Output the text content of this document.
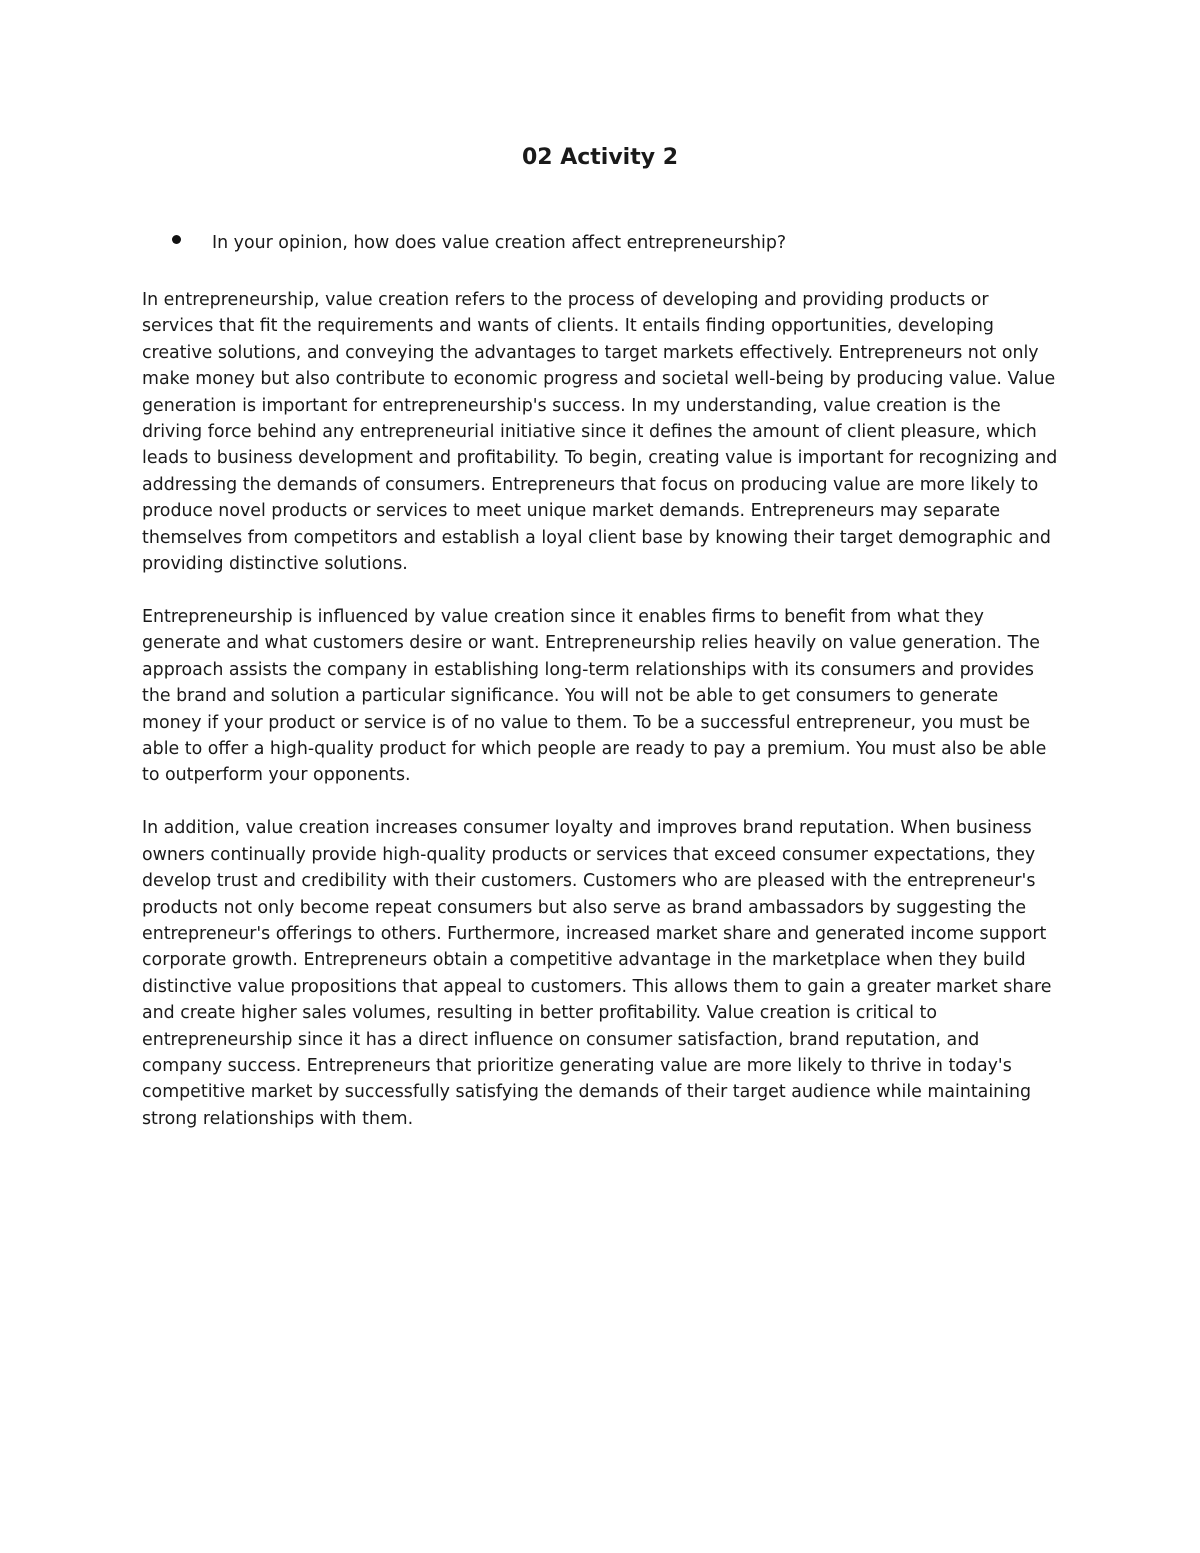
02 Activity 2
In your opinion, how does value creation affect entrepreneurship?

In entrepreneurship, value creation refers to the process of developing and providing products or services that fit the requirements and wants of clients. It entails finding opportunities, developing creative solutions, and conveying the advantages to target markets effectively. Entrepreneurs not only make money but also contribute to economic progress and societal well-being by producing value. Value generation is important for entrepreneurship's success. In my understanding, value creation is the driving force behind any entrepreneurial initiative since it defines the amount of client pleasure, which leads to business development and profitability. To begin, creating value is important for recognizing and addressing the demands of consumers. Entrepreneurs that focus on producing value are more likely to produce novel products or services to meet unique market demands. Entrepreneurs may separate themselves from competitors and establish a loyal client base by knowing their target demographic and providing distinctive solutions.

Entrepreneurship is influenced by value creation since it enables firms to benefit from what they generate and what customers desire or want. Entrepreneurship relies heavily on value generation. The approach assists the company in establishing long-term relationships with its consumers and provides the brand and solution a particular significance. You will not be able to get consumers to generate money if your product or service is of no value to them. To be a successful entrepreneur, you must be able to offer a high-quality product for which people are ready to pay a premium. You must also be able to outperform your opponents.

In addition, value creation increases consumer loyalty and improves brand reputation. When business owners continually provide high-quality products or services that exceed consumer expectations, they develop trust and credibility with their customers. Customers who are pleased with the entrepreneur's products not only become repeat consumers but also serve as brand ambassadors by suggesting the entrepreneur's offerings to others. Furthermore, increased market share and generated income support corporate growth. Entrepreneurs obtain a competitive advantage in the marketplace when they build distinctive value propositions that appeal to customers. This allows them to gain a greater market share and create higher sales volumes, resulting in better profitability. Value creation is critical to entrepreneurship since it has a direct influence on consumer satisfaction, brand reputation, and company success. Entrepreneurs that prioritize generating value are more likely to thrive in today's competitive market by successfully satisfying the demands of their target audience while maintaining strong relationships with them.
